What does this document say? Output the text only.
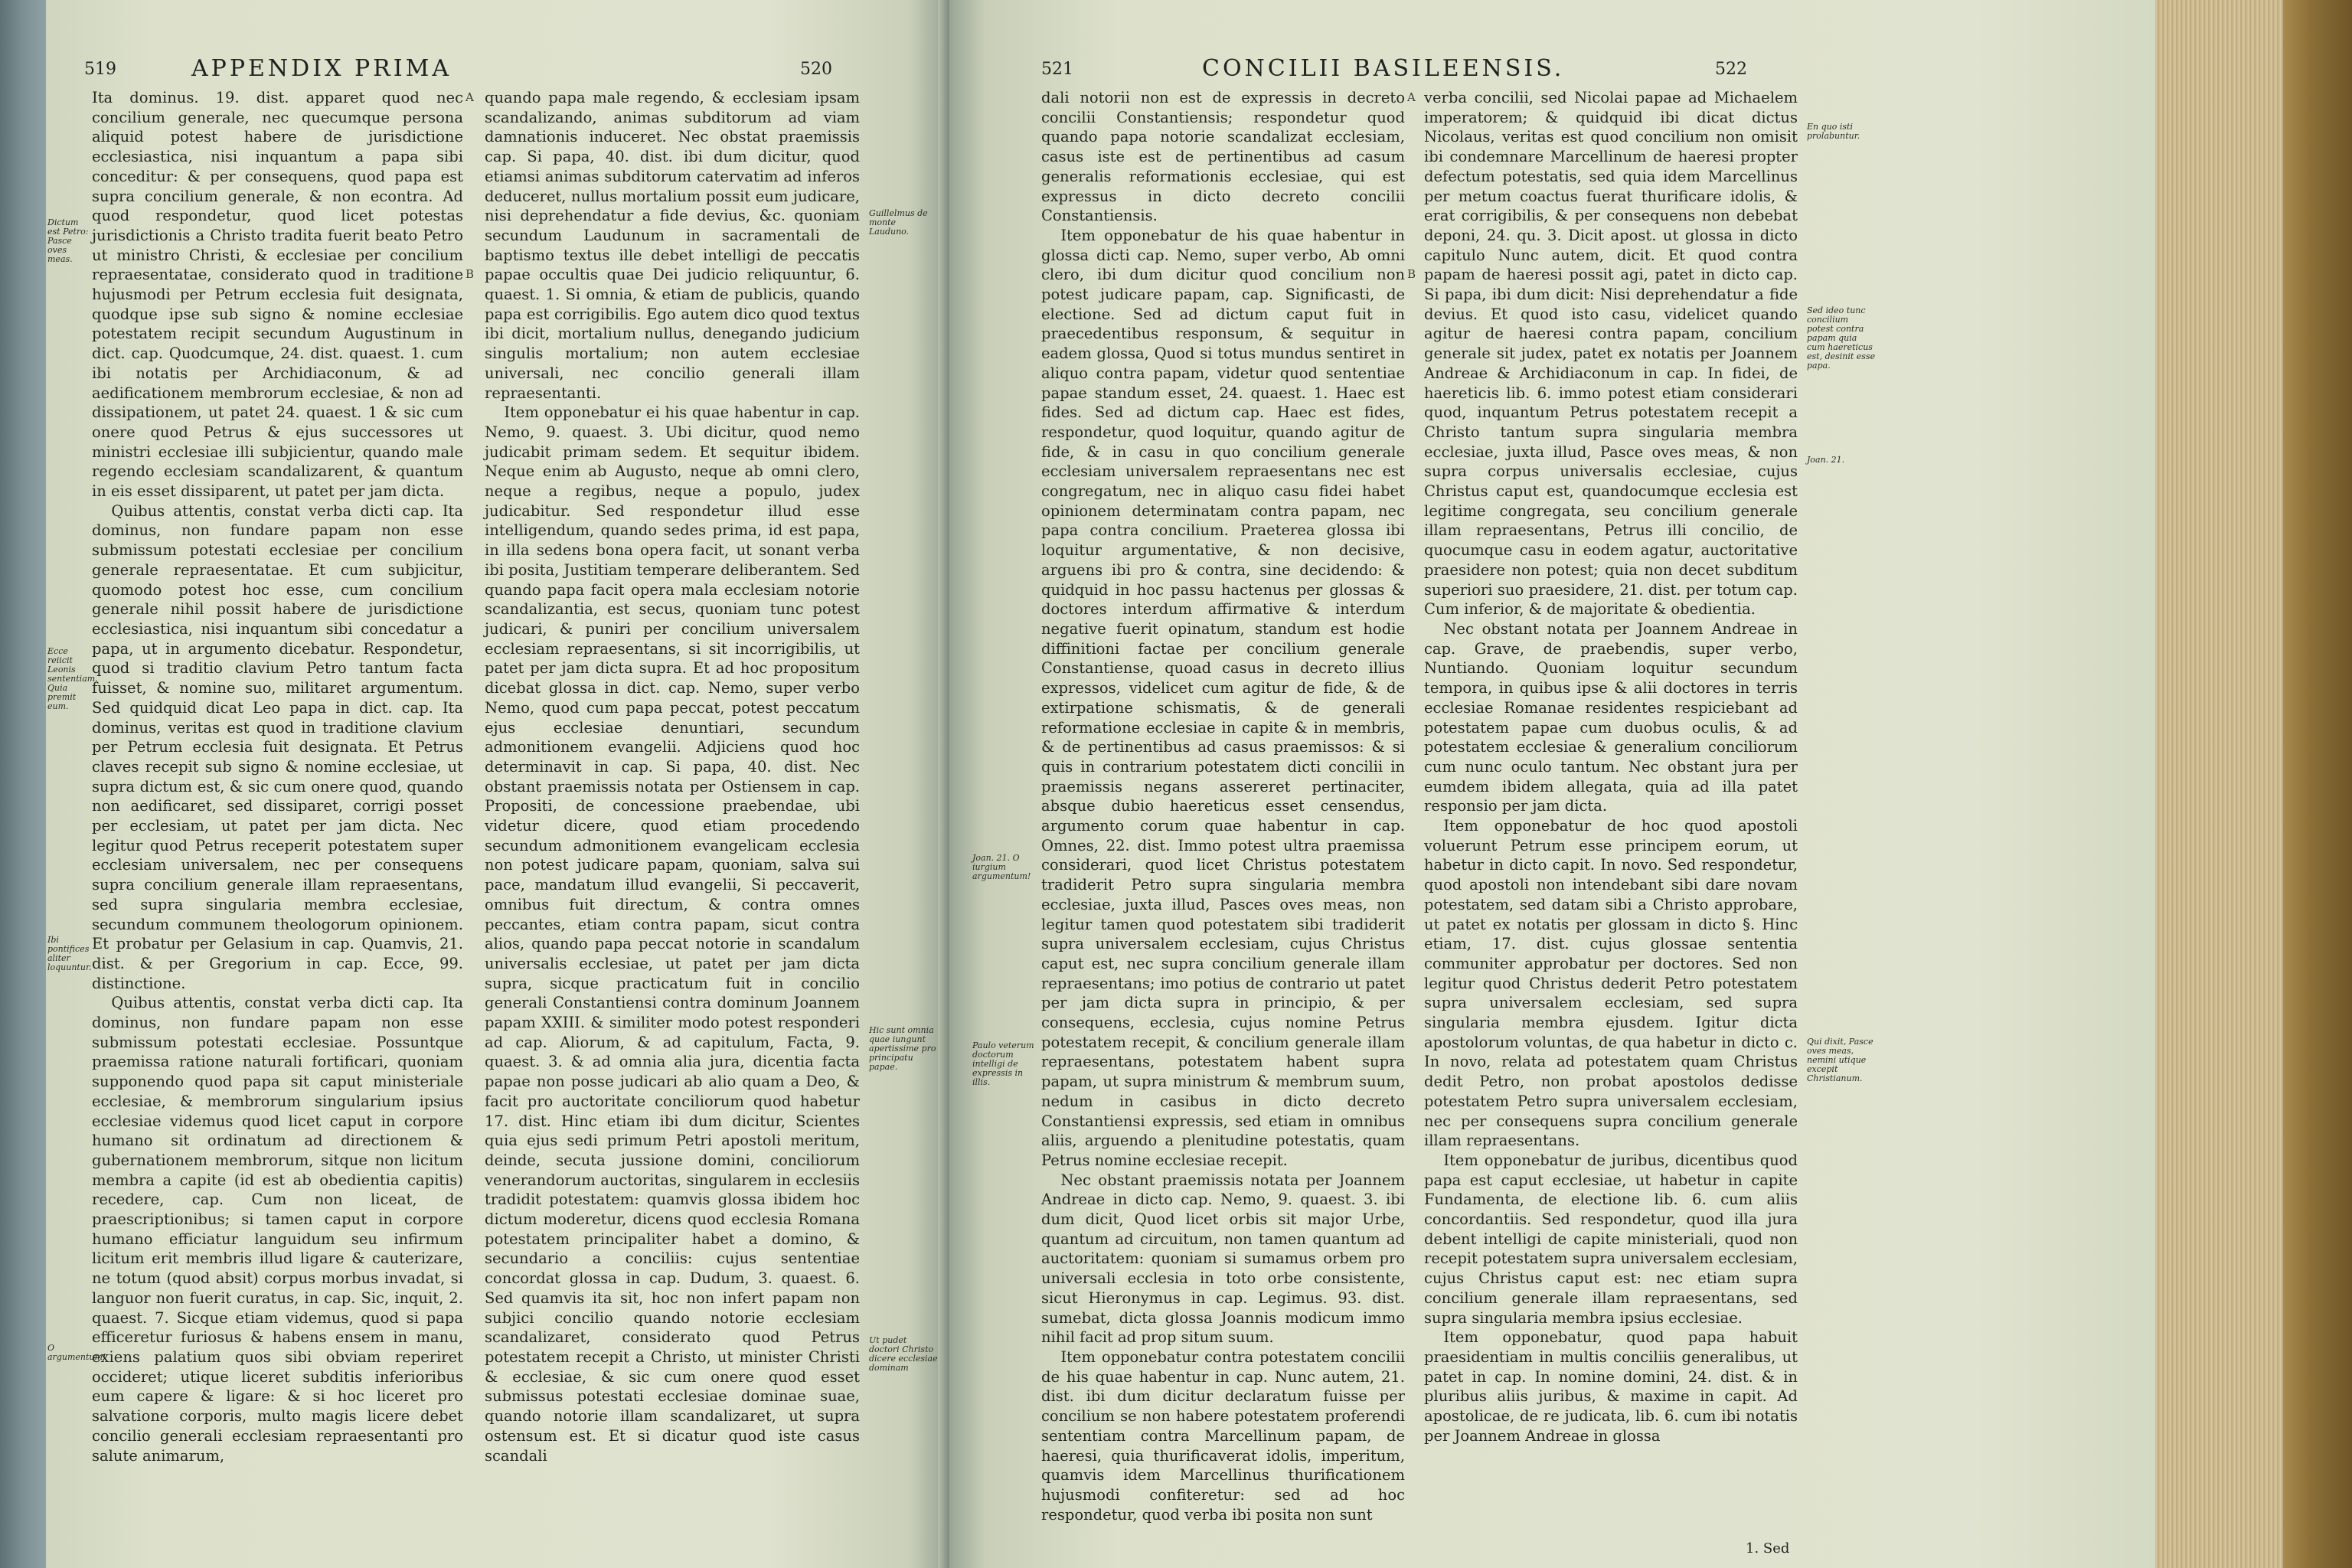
519	APPENDIX PRIMA	520

Ita dominus. 19. dist. apparet quod nec concilium generale, nec quecumque persona aliquid potest habere de jurisdictione ecclesiastica, nisi inquantum a papa sibi conceditur: & per consequens, quod papa est supra concilium generale, & non econtra. Ad quod respondetur, quod licet potestas jurisdictionis a Christo tradita fuerit beato Petro ut ministro Christi, & ecclesiae per concilium repraesentatae, considerato quod in traditione hujusmodi per Petrum ecclesia fuit designata, quodque ipse sub signo & nomine ecclesiae potestatem recipit secundum Augustinum in dict. cap. Quodcumque, 24. dist. quaest. 1. cum ibi notatis per Archidiaconum, & ad aedificationem membrorum ecclesiae, & non ad dissipationem, ut patet 24. quaest. 1 & sic cum onere quod Petrus & ejus successores ut ministri ecclesiae illi subjicientur, quando male regendo ecclesiam scandalizarent, & quantum in eis esset dissiparent, ut patet per jam dicta.

Quibus attentis, constat verba dicti cap. Ita dominus, non fundare papam non esse submissum potestati ecclesiae per concilium generale repraesentatae. Et cum subjicitur, quomodo potest hoc esse, cum concilium generale nihil possit habere de jurisdictione ecclesiastica, nisi inquantum sibi concedatur a papa, ut in argumento dicebatur. Respondetur, quod si traditio clavium Petro tantum facta fuisset, & nomine suo, militaret argumentum. Sed quidquid dicat Leo papa in dict. cap. Ita dominus, veritas est quod in traditione clavium per Petrum ecclesia fuit designata. Et Petrus claves recepit sub signo & nomine ecclesiae, ut supra dictum est, & sic cum onere quod, quando non aedificaret, sed dissiparet, corrigi posset per ecclesiam, ut patet per jam dicta. Nec legitur quod Petrus receperit potestatem super ecclesiam universalem, nec per consequens supra concilium generale illam repraesentans, sed supra singularia membra ecclesiae, secundum communem theologorum opinionem. Et probatur per Gelasium in cap. Quamvis, 21. dist. & per Gregorium in cap. Ecce, 99. distinctione.

Quibus attentis, constat verba dicti cap. Ita dominus, non fundare papam non esse submissum potestati ecclesiae. Possuntque praemissa ratione naturali fortificari, quoniam supponendo quod papa sit caput ministeriale ecclesiae, & membrorum singularium ipsius ecclesiae videmus quod licet caput in corpore humano sit ordinatum ad directionem & gubernationem membrorum, sitque non licitum membra a capite (id est ab obedientia capitis) recedere, cap. Cum non liceat, de praescriptionibus; si tamen caput in corpore humano efficiatur languidum seu infirmum licitum erit membris illud ligare & cauterizare, ne totum (quod absit) corpus morbus invadat, si languor non fuerit curatus, in cap. Sic, inquit, 2. quaest. 7. Sicque etiam videmus, quod si papa efficeretur furiosus & habens ensem in manu, exiens palatium quos sibi obviam reperiret occideret; utique liceret subditis inferioribus eum capere & ligare: & si hoc liceret pro salvatione corporis, multo magis licere debet concilio generali ecclesiam repraesentanti pro salute animarum,

A

B

quando papa male regendo, & ecclesiam ipsam scandalizando, animas subditorum ad viam damnationis induceret. Nec obstat praemissis cap. Si papa, 40. dist. ibi dum dicitur, quod etiamsi animas subditorum catervatim ad inferos deduceret, nullus mortalium possit eum judicare, nisi deprehendatur a fide devius, &c. quoniam secundum Laudunum in sacramentali de baptismo textus ille debet intelligi de peccatis papae occultis quae Dei judicio reliquuntur, 6. quaest. 1. Si omnia, & etiam de publicis, quando papa est corrigibilis. Ego autem dico quod textus ibi dicit, mortalium nullus, denegando judicium singulis mortalium; non autem ecclesiae universali, nec concilio generali illam repraesentanti.

Item opponebatur ei his quae habentur in cap. Nemo, 9. quaest. 3. Ubi dicitur, quod nemo judicabit primam sedem. Et sequitur ibidem. Neque enim ab Augusto, neque ab omni clero, neque a regibus, neque a populo, judex judicabitur. Sed respondetur illud esse intelligendum, quando sedes prima, id est papa, in illa sedens bona opera facit, ut sonant verba ibi posita, Justitiam temperare deliberantem. Sed quando papa facit opera mala ecclesiam notorie scandalizantia, est secus, quoniam tunc potest judicari, & puniri per concilium universalem ecclesiam repraesentans, si sit incorrigibilis, ut patet per jam dicta supra. Et ad hoc propositum dicebat glossa in dict. cap. Nemo, super verbo Nemo, quod cum papa peccat, potest peccatum ejus ecclesiae denuntiari, secundum admonitionem evangelii. Adjiciens quod hoc determinavit in cap. Si papa, 40. dist. Nec obstant praemissis notata per Ostiensem in cap. Propositi, de concessione praebendae, ubi videtur dicere, quod etiam procedendo secundum admonitionem evangelicam ecclesia non potest judicare papam, quoniam, salva sui pace, mandatum illud evangelii, Si peccaverit, omnibus fuit directum, & contra omnes peccantes, etiam contra papam, sicut contra alios, quando papa peccat notorie in scandalum universalis ecclesiae, ut patet per jam dicta supra, sicque practicatum fuit in concilio generali Constantiensi contra dominum Joannem papam XXIII. & similiter modo potest responderi ad cap. Aliorum, & ad capitulum, Facta, 9. quaest. 3. & ad omnia alia jura, dicentia facta papae non posse judicari ab alio quam a Deo, & facit pro auctoritate conciliorum quod habetur 17. dist. Hinc etiam ibi dum dicitur, Scientes quia ejus sedi primum Petri apostoli meritum, deinde, secuta jussione domini, conciliorum venerandorum auctoritas, singularem in ecclesiis tradidit potestatem: quamvis glossa ibidem hoc dictum moderetur, dicens quod ecclesia Romana potestatem principaliter habet a domino, & secundario a conciliis: cujus sententiae concordat glossa in cap. Dudum, 3. quaest. 6. Sed quamvis ita sit, hoc non infert papam non subjici concilio quando notorie ecclesiam scandalizaret, considerato quod Petrus potestatem recepit a Christo, ut minister Christi & ecclesiae, & sic cum onere quod esset submissus potestati ecclesiae dominae suae, quando notorie illam scandalizaret, ut supra ostensum est. Et si dicatur quod iste casus scandali

Dictum est Petro: Pasce oves meas.
Guillelmus de monte Lauduno.
Ecce reiicit Leonis sententiam. Quia premit eum.
Ibi pontifices aliter loquuntur.
Hic sunt omnia quae iungunt apertissime pro principatu papae.
O argumentum!
Ut pudet doctori Christo dicere ecclesiae dominam
521	CONCILII BASILEENSIS.	522

dali notorii non est de expressis in decreto concilii Constantiensis; respondetur quod quando papa notorie scandalizat ecclesiam, casus iste est de pertinentibus ad casum generalis reformationis ecclesiae, qui est expressus in dicto decreto concilii Constantiensis.

Item opponebatur de his quae habentur in glossa dicti cap. Nemo, super verbo, Ab omni clero, ibi dum dicitur quod concilium non potest judicare papam, cap. Significasti, de electione. Sed ad dictum caput fuit in praecedentibus responsum, & sequitur in eadem glossa, Quod si totus mundus sentiret in aliquo contra papam, videtur quod sententiae papae standum esset, 24. quaest. 1. Haec est fides. Sed ad dictum cap. Haec est fides, respondetur, quod loquitur, quando agitur de fide, & in casu in quo concilium generale ecclesiam universalem repraesentans nec est congregatum, nec in aliquo casu fidei habet opinionem determinatam contra papam, nec papa contra concilium. Praeterea glossa ibi loquitur argumentative, & non decisive, arguens ibi pro & contra, sine decidendo: & quidquid in hoc passu hactenus per glossas & doctores interdum affirmative & interdum negative fuerit opinatum, standum est hodie diffinitioni factae per concilium generale Constantiense, quoad casus in decreto illius expressos, videlicet cum agitur de fide, & de extirpatione schismatis, & de generali reformatione ecclesiae in capite & in membris, & de pertinentibus ad casus praemissos: & si quis in contrarium potestatem dicti concilii in praemissis negans assereret pertinaciter, absque dubio haereticus esset censendus, argumento corum quae habentur in cap. Omnes, 22. dist. Immo potest ultra praemissa considerari, quod licet Christus potestatem tradiderit Petro supra singularia membra ecclesiae, juxta illud, Pasces oves meas, non legitur tamen quod potestatem sibi tradiderit supra universalem ecclesiam, cujus Christus caput est, nec supra concilium generale illam repraesentans; imo potius de contrario ut patet per jam dicta supra in principio, & per consequens, ecclesia, cujus nomine Petrus potestatem recepit, & concilium generale illam repraesentans, potestatem habent supra papam, ut supra ministrum & membrum suum, nedum in casibus in dicto decreto Constantiensi expressis, sed etiam in omnibus aliis, arguendo a plenitudine potestatis, quam Petrus nomine ecclesiae recepit.

Nec obstant praemissis notata per Joannem Andreae in dicto cap. Nemo, 9. quaest. 3. ibi dum dicit, Quod licet orbis sit major Urbe, quantum ad circuitum, non tamen quantum ad auctoritatem: quoniam si sumamus orbem pro universali ecclesia in toto orbe consistente, sicut Hieronymus in cap. Legimus. 93. dist. sumebat, dicta glossa Joannis modicum immo nihil facit ad prop situm suum.

Item opponebatur contra potestatem concilii de his quae habentur in cap. Nunc autem, 21. dist. ibi dum dicitur declaratum fuisse per concilium se non habere potestatem proferendi sententiam contra Marcellinum papam, de haeresi, quia thurificaverat idolis, imperitum, quamvis idem Marcellinus thurificationem hujusmodi confiteretur: sed ad hoc respondetur, quod verba ibi posita non sunt

A

B

verba concilii, sed Nicolai papae ad Michaelem imperatorem; & quidquid ibi dicat dictus Nicolaus, veritas est quod concilium non omisit ibi condemnare Marcellinum de haeresi propter defectum potestatis, sed quia idem Marcellinus per metum coactus fuerat thurificare idolis, & erat corrigibilis, & per consequens non debebat deponi, 24. qu. 3. Dicit apost. ut glossa in dicto capitulo Nunc autem, dicit. Et quod contra papam de haeresi possit agi, patet in dicto cap. Si papa, ibi dum dicit: Nisi deprehendatur a fide devius. Et quod isto casu, videlicet quando agitur de haeresi contra papam, concilium generale sit judex, patet ex notatis per Joannem Andreae & Archidiaconum in cap. In fidei, de haereticis lib. 6. immo potest etiam considerari quod, inquantum Petrus potestatem recepit a Christo tantum supra singularia membra ecclesiae, juxta illud, Pasce oves meas, & non supra corpus universalis ecclesiae, cujus Christus caput est, quandocumque ecclesia est legitime congregata, seu concilium generale illam repraesentans, Petrus illi concilio, de quocumque casu in eodem agatur, auctoritative praesidere non potest; quia non decet subditum superiori suo praesidere, 21. dist. per totum cap. Cum inferior, & de majoritate & obedientia.

Nec obstant notata per Joannem Andreae in cap. Grave, de praebendis, super verbo, Nuntiando. Quoniam loquitur secundum tempora, in quibus ipse & alii doctores in terris ecclesiae Romanae residentes respiciebant ad potestatem papae cum duobus oculis, & ad potestatem ecclesiae & generalium conciliorum cum nunc oculo tantum. Nec obstant jura per eumdem ibidem allegata, quia ad illa patet responsio per jam dicta.

Item opponebatur de hoc quod apostoli voluerunt Petrum esse principem eorum, ut habetur in dicto capit. In novo. Sed respondetur, quod apostoli non intendebant sibi dare novam potestatem, sed datam sibi a Christo approbare, ut patet ex notatis per glossam in dicto §. Hinc etiam, 17. dist. cujus glossae sententia communiter approbatur per doctores. Sed non legitur quod Christus dederit Petro potestatem supra universalem ecclesiam, sed supra singularia membra ejusdem. Igitur dicta apostolorum voluntas, de qua habetur in dicto c. In novo, relata ad potestatem quam Christus dedit Petro, non probat apostolos dedisse potestatem Petro supra universalem ecclesiam, nec per consequens supra concilium generale illam repraesentans.

Item opponebatur de juribus, dicentibus quod papa est caput ecclesiae, ut habetur in capite Fundamenta, de electione lib. 6. cum aliis concordantiis. Sed respondetur, quod illa jura debent intelligi de capite ministeriali, quod non recepit potestatem supra universalem ecclesiam, cujus Christus caput est: nec etiam supra concilium generale illam repraesentans, sed supra singularia membra ipsius ecclesiae.

Item opponebatur, quod papa habuit praesidentiam in multis conciliis generalibus, ut patet in cap. In nomine domini, 24. dist. & in pluribus aliis juribus, & maxime in capit. Ad apostolicae, de re judicata, lib. 6. cum ibi notatis per Joannem Andreae in glossa

1. Sed
En quo isti prolabuntur.
Sed ideo tunc concilium potest contra papam quia cum haereticus est, desinit esse papa.
Joan. 21.
Joan. 21. O iurgium argumentum!
Paulo veterum doctorum intelligi de expressis in illis.
Qui dixit, Pasce oves meas, nemini utique excepit Christianum.
